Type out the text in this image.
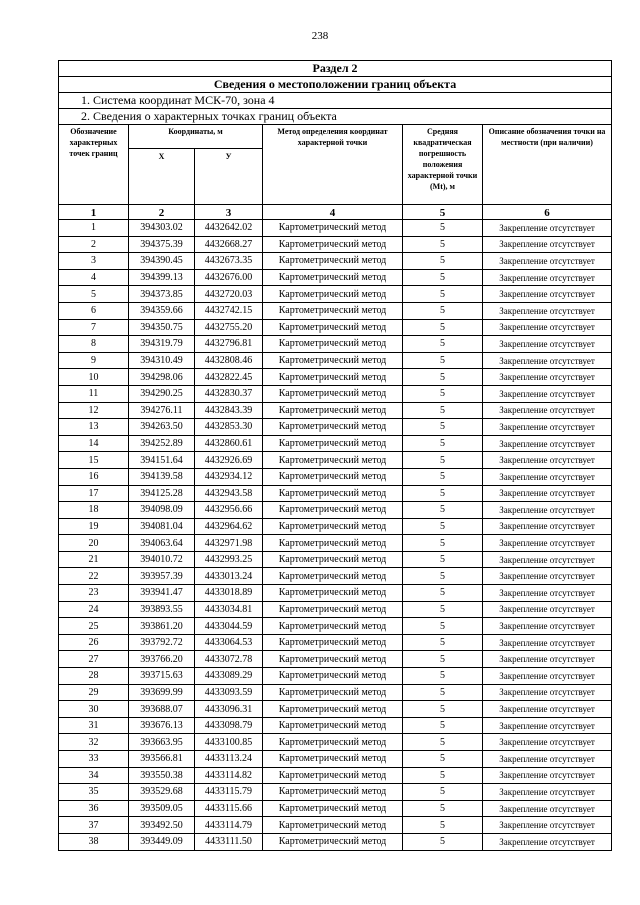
238
Раздел 2					
Сведения о местоположении границ объекта					
1. Система координат МСК-70, зона 4					
2. Сведения о характерных точках границ объекта					
Обозначение характерных точек границ	Координаты, м		Метод определения координат характерной точки	Средняя квадратическая погрешность положения характерной точки (Mt), м	Описание обозначения точки на местности (при наличии)
	X	У			
1	2	3	4	5	6
1	394303.02	4432642.02	Картометрический метод	5	Закрепление отсутствует
2	394375.39	4432668.27	Картометрический метод	5	Закрепление отсутствует
3	394390.45	4432673.35	Картометрический метод	5	Закрепление отсутствует
4	394399.13	4432676.00	Картометрический метод	5	Закрепление отсутствует
5	394373.85	4432720.03	Картометрический метод	5	Закрепление отсутствует
6	394359.66	4432742.15	Картометрический метод	5	Закрепление отсутствует
7	394350.75	4432755.20	Картометрический метод	5	Закрепление отсутствует
8	394319.79	4432796.81	Картометрический метод	5	Закрепление отсутствует
9	394310.49	4432808.46	Картометрический метод	5	Закрепление отсутствует
10	394298.06	4432822.45	Картометрический метод	5	Закрепление отсутствует
11	394290.25	4432830.37	Картометрический метод	5	Закрепление отсутствует
12	394276.11	4432843.39	Картометрический метод	5	Закрепление отсутствует
13	394263.50	4432853.30	Картометрический метод	5	Закрепление отсутствует
14	394252.89	4432860.61	Картометрический метод	5	Закрепление отсутствует
15	394151.64	4432926.69	Картометрический метод	5	Закрепление отсутствует
16	394139.58	4432934.12	Картометрический метод	5	Закрепление отсутствует
17	394125.28	4432943.58	Картометрический метод	5	Закрепление отсутствует
18	394098.09	4432956.66	Картометрический метод	5	Закрепление отсутствует
19	394081.04	4432964.62	Картометрический метод	5	Закрепление отсутствует
20	394063.64	4432971.98	Картометрический метод	5	Закрепление отсутствует
21	394010.72	4432993.25	Картометрический метод	5	Закрепление отсутствует
22	393957.39	4433013.24	Картометрический метод	5	Закрепление отсутствует
23	393941.47	4433018.89	Картометрический метод	5	Закрепление отсутствует
24	393893.55	4433034.81	Картометрический метод	5	Закрепление отсутствует
25	393861.20	4433044.59	Картометрический метод	5	Закрепление отсутствует
26	393792.72	4433064.53	Картометрический метод	5	Закрепление отсутствует
27	393766.20	4433072.78	Картометрический метод	5	Закрепление отсутствует
28	393715.63	4433089.29	Картометрический метод	5	Закрепление отсутствует
29	393699.99	4433093.59	Картометрический метод	5	Закрепление отсутствует
30	393688.07	4433096.31	Картометрический метод	5	Закрепление отсутствует
31	393676.13	4433098.79	Картометрический метод	5	Закрепление отсутствует
32	393663.95	4433100.85	Картометрический метод	5	Закрепление отсутствует
33	393566.81	4433113.24	Картометрический метод	5	Закрепление отсутствует
34	393550.38	4433114.82	Картометрический метод	5	Закрепление отсутствует
35	393529.68	4433115.79	Картометрический метод	5	Закрепление отсутствует
36	393509.05	4433115.66	Картометрический метод	5	Закрепление отсутствует
37	393492.50	4433114.79	Картометрический метод	5	Закрепление отсутствует
38	393449.09	4433111.50	Картометрический метод	5	Закрепление отсутствует
